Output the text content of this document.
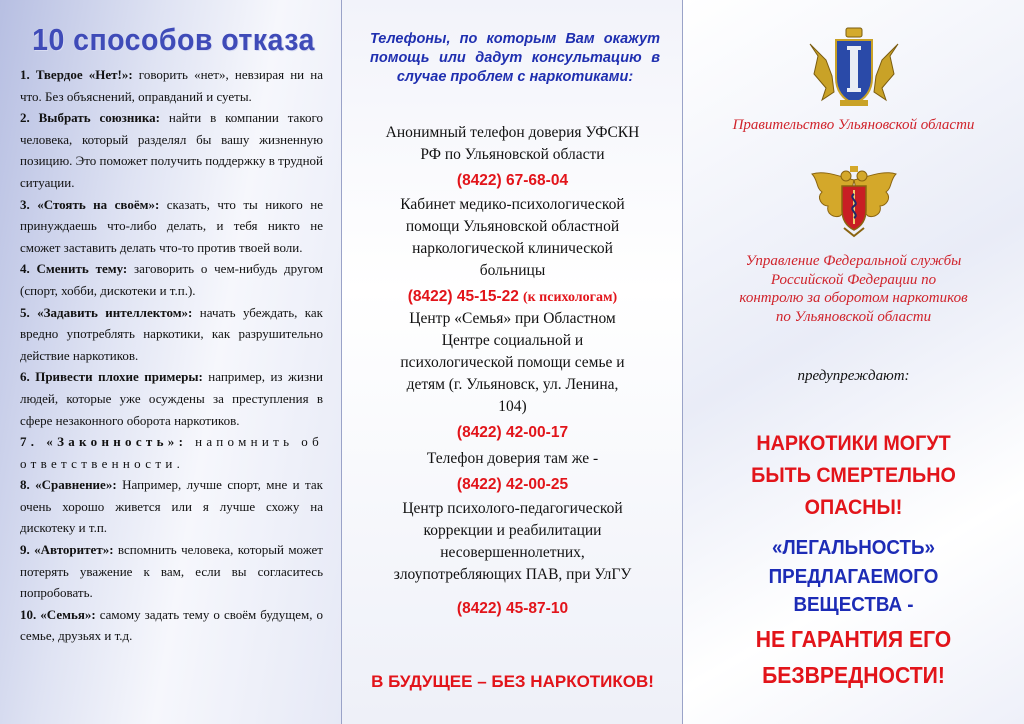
10 способов отказа

1. Твердое «Нет!»: говорить «нет», невзирая ни на что. Без объяснений, оправданий и суеты.

2. Выбрать союзника: найти в компании такого человека, который разделял бы вашу жизненную позицию. Это поможет получить поддержку в трудной ситуации.

3. «Стоять на своём»: сказать, что ты никого не принуждаешь что-либо делать, и тебя никто не сможет заставить делать что-то против твоей воли.

4. Сменить тему: заговорить о чем-нибудь другом (спорт, хобби, дискотеки и т.п.).

5. «Задавить интеллектом»: начать убеждать, как вредно употреблять наркотики, как разрушительно действие наркотиков.

6. Привести плохие примеры: например, из жизни людей, которые уже осуждены за преступления в сфере незаконного оборота наркотиков.

7. «Законность»: напомнить об ответственности.

8. «Сравнение»: Например, лучше спорт, мне и так очень хорошо живется или я лучше схожу на дискотеку и т.п.

9. «Авторитет»: вспомнить человека, который может потерять уважение к вам, если вы согласитесь попробовать.

10. «Семья»: самому задать тему о своём будущем, о семье, друзьях и т.д.

Телефоны, по которым Вам окажут помощь или дадут консультацию в случае проблем с наркотиками:
Анонимный телефон доверия УФСКН РФ по Ульяновской области
(8422) 67-68-04
Кабинет медико-психологической помощи Ульяновской областной наркологической клинической больницы
(8422) 45-15-22 (к психологам)
Центр «Семья» при Областном Центре социальной и психологической помощи семье и детям (г. Ульяновск, ул. Ленина, 104)
(8422) 42-00-17
Телефон доверия там же -
(8422) 42-00-25
Центр психолого-педагогической коррекции и реабилитации несовершеннолетних, злоупотребляющих ПАВ, при УлГУ
(8422) 45-87-10
В БУДУЩЕЕ – БЕЗ НАРКОТИКОВ!
Правительство Ульяновской области
Управление Федеральной службы Российской Федерации по контролю за оборотом наркотиков по Ульяновской области
предупреждают:
НАРКОТИКИ МОГУТ БЫТЬ СМЕРТЕЛЬНО ОПАСНЫ!
«ЛЕГАЛЬНОСТЬ» ПРЕДЛАГАЕМОГО ВЕЩЕСТВА -
НЕ ГАРАНТИЯ ЕГО БЕЗВРЕДНОСТИ!
